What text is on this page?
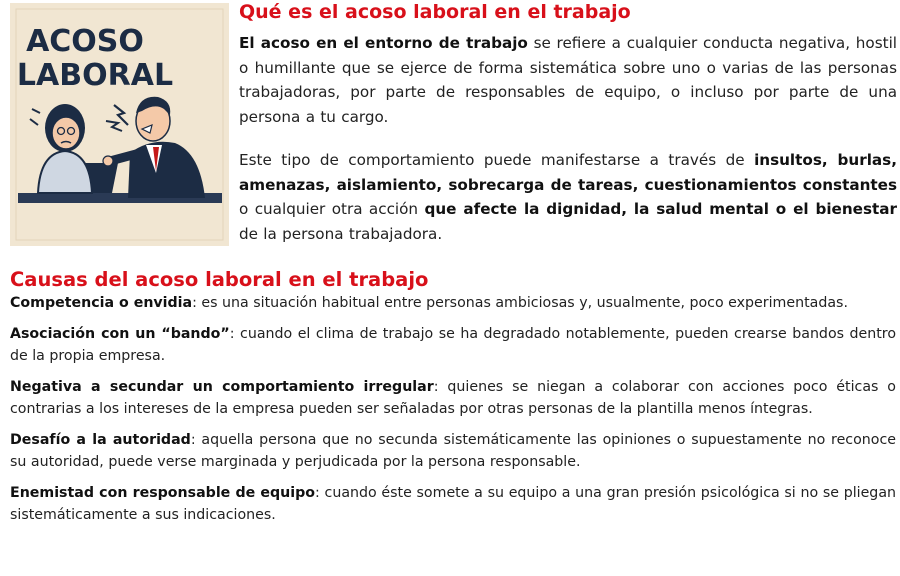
ACOSO
LABORAL
Qué es el acoso laboral en el trabajo

El acoso en el entorno de trabajo se refiere a cualquier conducta negativa, hostil o humillante que se ejerce de forma sistemática sobre uno o varias de las personas trabajadoras, por parte de responsables de equipo, o incluso por parte de una persona a tu cargo.

Este tipo de comportamiento puede manifestarse a través de insultos, burlas, amenazas, aislamiento, sobrecarga de tareas, cuestionamientos constantes o cualquier otra acción que afecte la dignidad, la salud mental o el bienestar de la persona trabajadora.

Causas del acoso laboral en el trabajo

Competencia o envidia: es una situación habitual entre personas ambiciosas y, usualmente, poco experimentadas.

Asociación con un “bando”: cuando el clima de trabajo se ha degradado notablemente, pueden crearse bandos dentro de la propia empresa.

Negativa a secundar un comportamiento irregular: quienes se niegan a colaborar con acciones poco éticas o contrarias a los intereses de la empresa pueden ser señaladas por otras personas de la plantilla menos íntegras.

Desafío a la autoridad: aquella persona que no secunda sistemáticamente las opiniones o supuestamente no reconoce su autoridad, puede verse marginada y perjudicada por la persona responsable.

Enemistad con responsable de equipo: cuando éste somete a su equipo a una gran presión psicológica si no se pliegan sistemáticamente a sus indicaciones.
